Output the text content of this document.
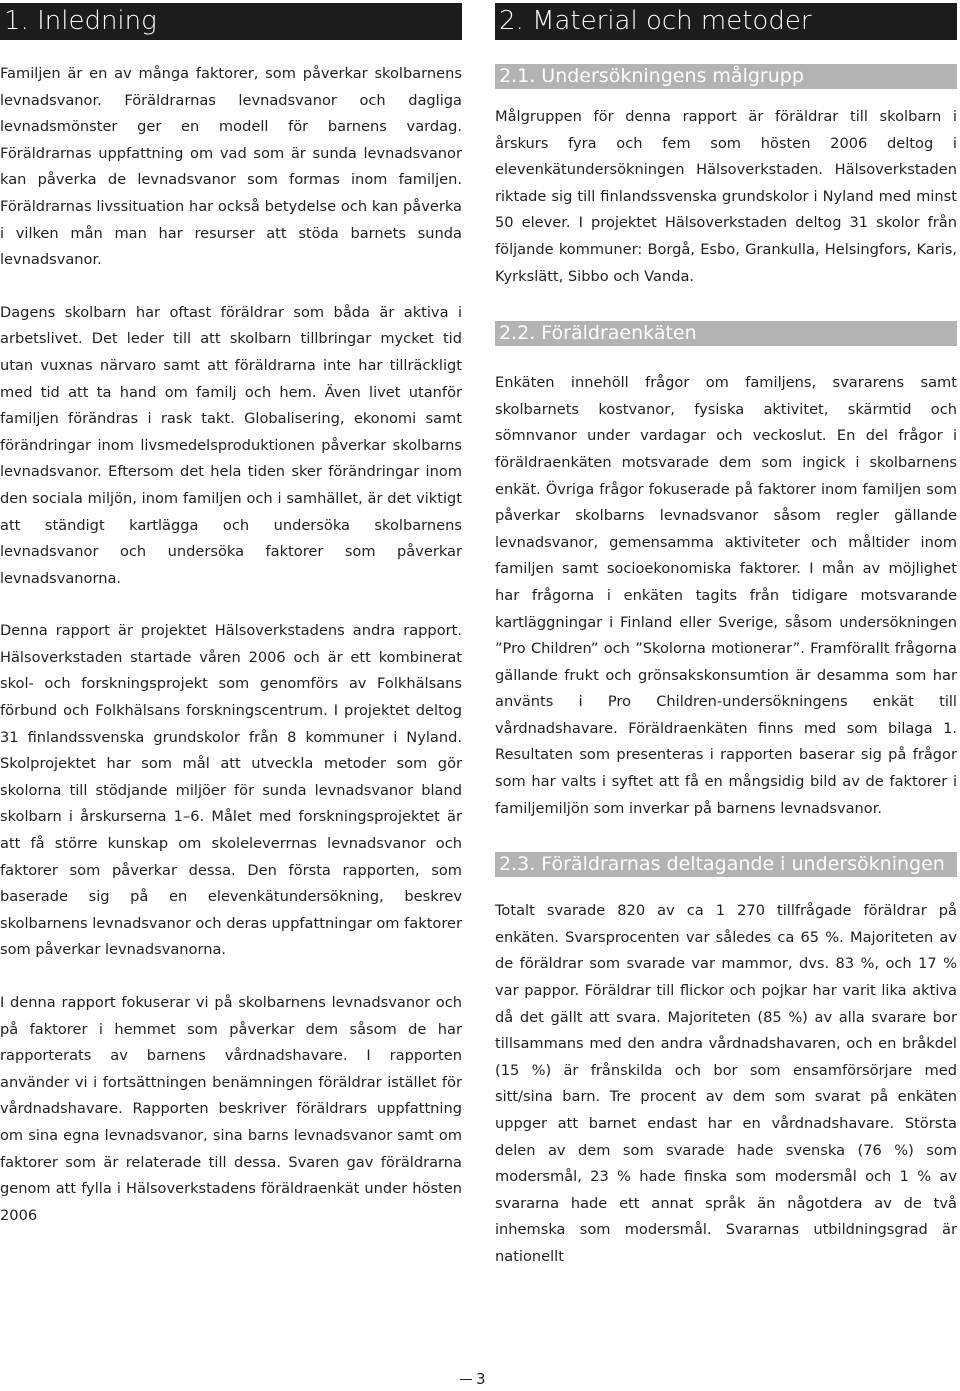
1. Inledning

Familjen är en av många faktorer, som påverkar skolbarnens levnadsvanor. Föräldrarnas levnadsvanor och dagliga levnadsmönster ger en modell för barnens vardag. Föräldrarnas uppfattning om vad som är sunda levnadsvanor kan påverka de levnadsvanor som formas inom familjen. Föräldrarnas livssituation har också betydelse och kan påverka i vilken mån man har resurser att stöda barnets sunda levnadsvanor.

Dagens skolbarn har oftast föräldrar som båda är aktiva i arbetslivet. Det leder till att skolbarn tillbringar mycket tid utan vuxnas närvaro samt att föräldrarna inte har tillräckligt med tid att ta hand om familj och hem. Även livet utanför familjen förändras i rask takt. Globalisering, ekonomi samt förändringar inom livsmedelsproduktionen påverkar skolbarns levnadsvanor. Eftersom det hela tiden sker förändringar inom den sociala miljön, inom familjen och i samhället, är det viktigt att ständigt kartlägga och undersöka skolbarnens levnadsvanor och undersöka faktorer som påverkar levnadsvanorna.

Denna rapport är projektet Hälsoverkstadens andra rapport. Hälsoverkstaden startade våren 2006 och är ett kombinerat skol- och forskningsprojekt som genomförs av Folkhälsans förbund och Folkhälsans forskningscentrum. I projektet deltog 31 finlandssvenska grundskolor från 8 kommuner i Nyland. Skolprojektet har som mål att utveckla metoder som gör skolorna till stödjande miljöer för sunda levnadsvanor bland skolbarn i årskurserna 1–6. Målet med forskningsprojektet är att få större kunskap om skoleleverrnas levnadsvanor och faktorer som påverkar dessa. Den första rapporten, som baserade sig på en elevenkätundersökning, beskrev skolbarnens levnadsvanor och deras uppfattningar om faktorer som påverkar levnadsvanorna.

I denna rapport fokuserar vi på skolbarnens levnadsvanor och på faktorer i hemmet som påverkar dem såsom de har rapporterats av barnens vårdnadshavare. I rapporten använder vi i fortsättningen benämningen föräldrar istället för vårdnadshavare. Rapporten beskriver föräldrars uppfattning om sina egna levnadsvanor, sina barns levnadsvanor samt om faktorer som är relaterade till dessa. Svaren gav föräldrarna genom att fylla i Hälsoverkstadens föräldraenkät under hösten 2006

2. Material och metoder
2.1. Undersökningens målgrupp

Målgruppen för denna rapport är föräldrar till skolbarn i årskurs fyra och fem som hösten 2006 deltog i elevenkätundersökningen Hälsoverkstaden. Hälsoverkstaden riktade sig till finlandssvenska grundskolor i Nyland med minst 50 elever. I projektet Hälsoverkstaden deltog 31 skolor från följande kommuner: Borgå, Esbo, Grankulla, Helsingfors, Karis, Kyrkslätt, Sibbo och Vanda.

2.2. Föräldraenkäten

Enkäten innehöll frågor om familjens, svararens samt skolbarnets kostvanor, fysiska aktivitet, skärmtid och sömnvanor under vardagar och veckoslut. En del frågor i föräldraenkäten motsvarade dem som ingick i skolbarnens enkät. Övriga frågor fokuserade på faktorer inom familjen som påverkar skolbarns levnadsvanor såsom regler gällande levnadsvanor, gemensamma aktiviteter och måltider inom familjen samt socioekonomiska faktorer. I mån av möjlighet har frågorna i enkäten tagits från tidigare motsvarande kartläggningar i Finland eller Sverige, såsom undersökningen ”Pro Children” och ”Skolorna motionerar”. Framförallt frågorna gällande frukt och grönsakskonsumtion är desamma som har använts i Pro Children-undersökningens enkät till vårdnadshavare. Föräldraenkäten finns med som bilaga 1. Resultaten som presenteras i rapporten baserar sig på frågor som har valts i syftet att få en mångsidig bild av de faktorer i familjemiljön som inverkar på barnens levnadsvanor.

2.3. Föräldrarnas deltagande i undersökningen

Totalt svarade 820 av ca 1 270 tillfrågade föräldrar på enkäten. Svarsprocenten var således ca 65 %. Majoriteten av de föräldrar som svarade var mammor, dvs. 83 %, och 17 % var pappor. Föräldrar till flickor och pojkar har varit lika aktiva då det gällt att svara. Majoriteten (85 %) av alla svarare bor tillsammans med den andra vårdnadshavaren, och en bråkdel (15 %) är frånskilda och bor som ensamförsörjare med sitt/sina barn. Tre procent av dem som svarat på enkäten uppger att barnet endast har en vårdnadshavare. Största delen av dem som svarade hade svenska (76 %) som modersmål, 23 % hade finska som modersmål och 1 % av svararna hade ett annat språk än någotdera av de två inhemska som modersmål. Svararnas utbildningsgrad är nationellt

3
